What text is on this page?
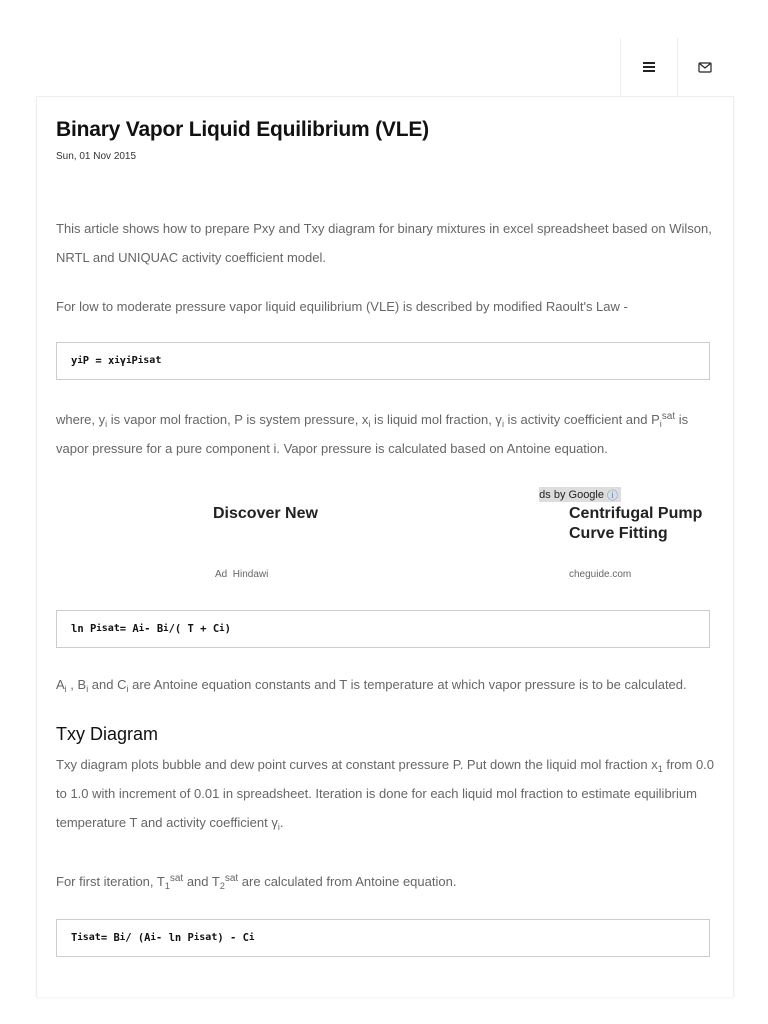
Binary Vapor Liquid Equilibrium (VLE)
Sun, 01 Nov 2015

This article shows how to prepare Pxy and Txy diagram for binary mixtures in excel spreadsheet based on Wilson, NRTL and UNIQUAC activity coefficient model.

For low to moderate pressure vapor liquid equilibrium (VLE) is described by modified Raoult's Law -

y i P = x i γ i P i sat

where, $y_i$ is vapor mol fraction, P is system pressure, $x_i$ is liquid mol fraction, $\gamma_i$ is activity coefficient and $P_i^{sat}$ is vapor pressure for a pure component i. Vapor pressure is calculated based on Antoine equation.

ds by Google ⓘ
Discover New
Ad Hindawi
Centrifugal Pump Curve Fitting
cheguide.com
ln P i sat = A i - B i /( T + C i )

$A_i$ , $B_i$ and $C_i$ are Antoine equation constants and T is temperature at which vapor pressure is to be calculated.

Txy Diagram

Txy diagram plots bubble and dew point curves at constant pressure P. Put down the liquid mol fraction $x_1$ from 0.0 to 1.0 with increment of 0.01 in spreadsheet. Iteration is done for each liquid mol fraction to estimate equilibrium temperature T and activity coefficient $\gamma_i$.

For first iteration, $T_1^{sat}$ and $T_2^{sat}$ are calculated from Antoine equation.

T i sat = B i / (A i - ln P i sat ) - C i
